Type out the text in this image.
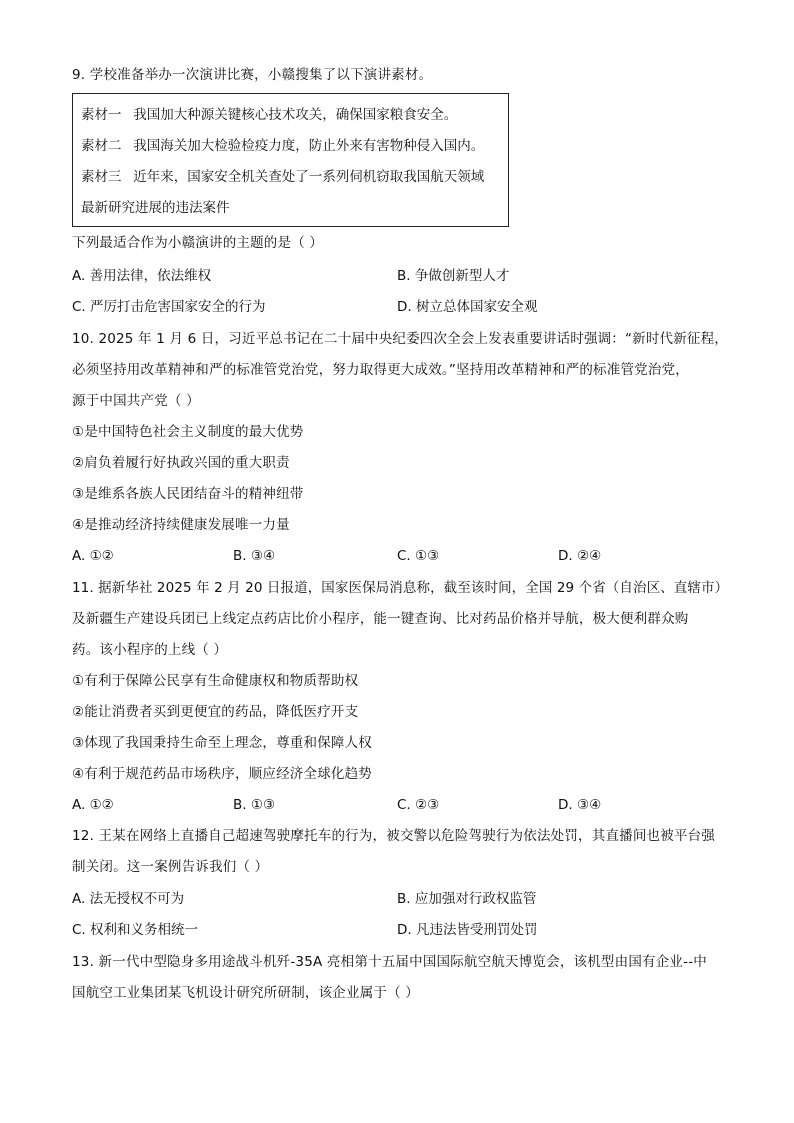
9. 学校准备举办一次演讲比赛，小赣搜集了以下演讲素材。
素材一 我国加大种源关键核心技术攻关，确保国家粮食安全。
素材二 我国海关加大检验检疫力度，防止外来有害物种侵入国内。
素材三 近年来，国家安全机关查处了一系列伺机窃取我国航天领域
最新研究进展的违法案件
下列最适合作为小赣演讲的主题的是（ ）
A. 善用法律，依法维权	B. 争做创新型人才
C. 严厉打击危害国家安全的行为	D. 树立总体国家安全观
10. 2025 年 1 月 6 日，习近平总书记在二十届中央纪委四次全会上发表重要讲话时强调：“新时代新征程，
必须坚持用改革精神和严的标准管党治党，努力取得更大成效。”坚持用改革精神和严的标准管党治党，
源于中国共产党（ ）
①是中国特色社会主义制度的最大优势
②肩负着履行好执政兴国的重大职责
③是维系各族人民团结奋斗的精神纽带
④是推动经济持续健康发展唯一力量
A. ①②	B. ③④	C. ①③	D. ②④
11. 据新华社 2025 年 2 月 20 日报道，国家医保局消息称，截至该时间，全国 29 个省（自治区、直辖市）
及新疆生产建设兵团已上线定点药店比价小程序，能一键查询、比对药品价格并导航，极大便利群众购
药。该小程序的上线（ ）
①有利于保障公民享有生命健康权和物质帮助权
②能让消费者买到更便宜的药品，降低医疗开支
③体现了我国秉持生命至上理念，尊重和保障人权
④有利于规范药品市场秩序，顺应经济全球化趋势
A. ①②	B. ①③	C. ②③	D. ③④
12. 王某在网络上直播自己超速驾驶摩托车的行为，被交警以危险驾驶行为依法处罚，其直播间也被平台强
制关闭。这一案例告诉我们（ ）
A. 法无授权不可为	B. 应加强对行政权监管
C. 权利和义务相统一	D. 凡违法皆受刑罚处罚
13. 新一代中型隐身多用途战斗机歼-35A 亮相第十五届中国国际航空航天博览会，该机型由国有企业--中
国航空工业集团某飞机设计研究所研制，该企业属于（ ）
